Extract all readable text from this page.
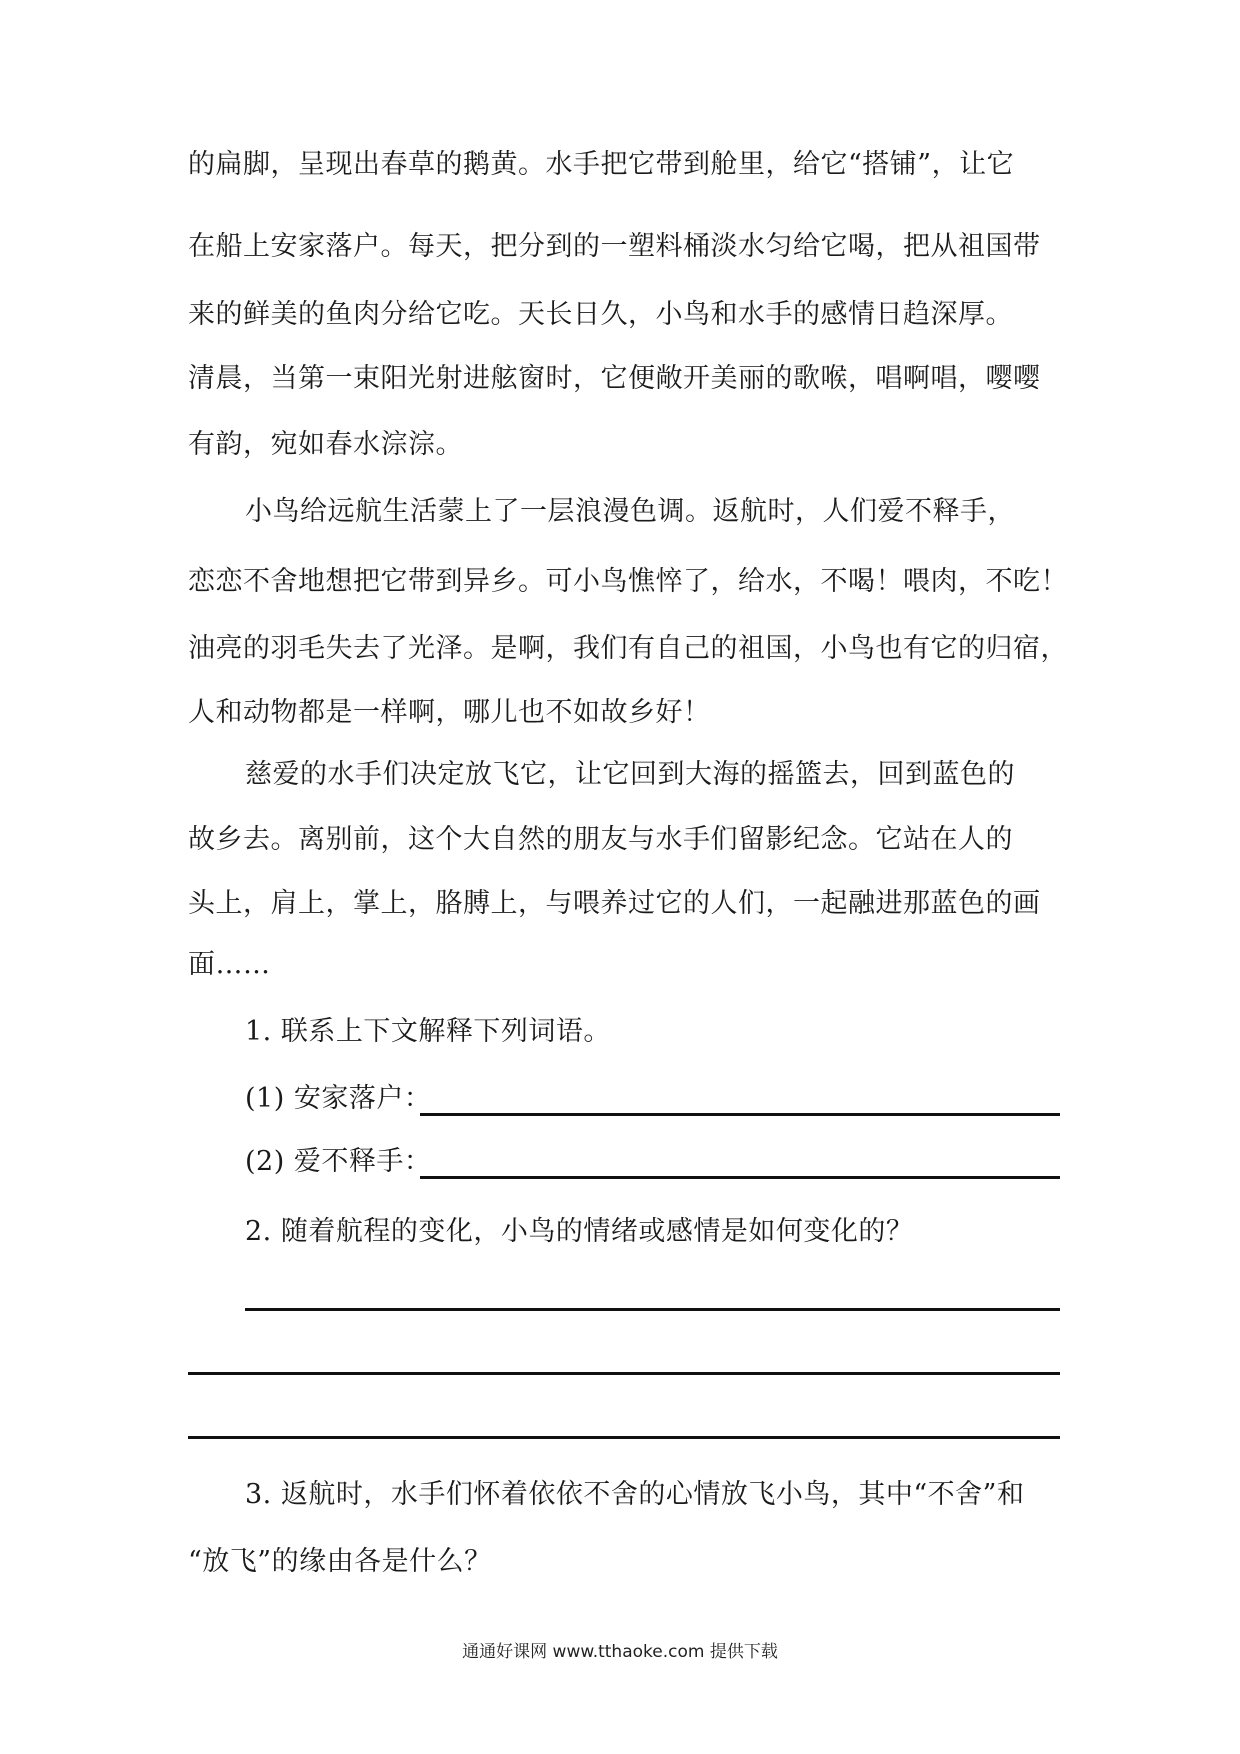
的扁脚，呈现出春草的鹅黄。水手把它带到舱里，给它“搭铺”，让它
在船上安家落户。每天，把分到的一塑料桶淡水匀给它喝，把从祖国带
来的鲜美的鱼肉分给它吃。天长日久，小鸟和水手的感情日趋深厚。
清晨，当第一束阳光射进舷窗时，它便敞开美丽的歌喉，唱啊唱，嘤嘤
有韵，宛如春水淙淙。
小鸟给远航生活蒙上了一层浪漫色调。返航时，人们爱不释手，
恋恋不舍地想把它带到异乡。可小鸟憔悴了，给水，不喝！喂肉，不吃！
油亮的羽毛失去了光泽。是啊，我们有自己的祖国，小鸟也有它的归宿，
人和动物都是一样啊，哪儿也不如故乡好！
慈爱的水手们决定放飞它，让它回到大海的摇篮去，回到蓝色的
故乡去。离别前，这个大自然的朋友与水手们留影纪念。它站在人的
头上，肩上，掌上，胳膊上，与喂养过它的人们，一起融进那蓝色的画
面……
1. 联系上下文解释下列词语。
(1) 安家落户：
(2) 爱不释手：
2. 随着航程的变化，小鸟的情绪或感情是如何变化的？
3. 返航时，水手们怀着依依不舍的心情放飞小鸟，其中“不舍”和
“放飞”的缘由各是什么？
通通好课网 www.tthaoke.com 提供下载
